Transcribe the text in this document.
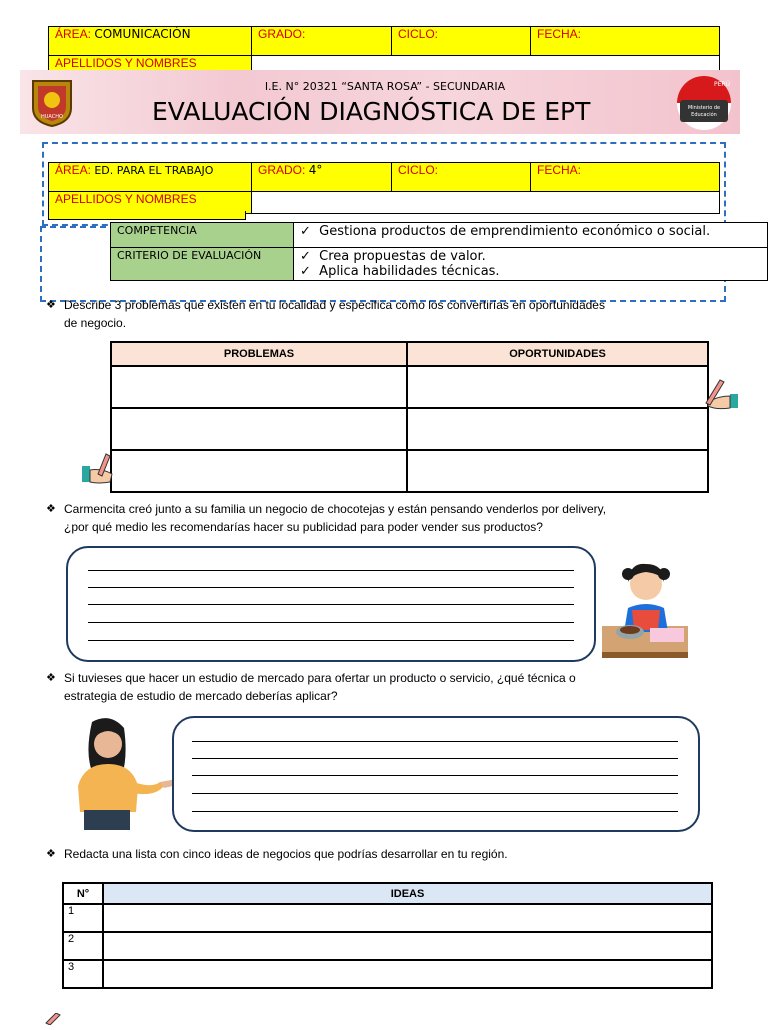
ÁREA: COMUNICACIÓN	GRADO:	CICLO:	FECHA:
APELLIDOS Y NOMBRES			
HUACHO
I.E. N° 20321 “SANTA ROSA” - SECUNDARIA
EVALUACIÓN DIAGNÓSTICA DE EPT
PERÚ
Ministerio de
Educación
ÁREA: ED. PARA EL TRABAJO	GRADO: 4°	CICLO:	FECHA:
APELLIDOS Y NOMBRES			
COMPETENCIA	✓  Gestiona productos de emprendimiento económico o social.
CRITERIO DE EVALUACIÓN	✓  Crea propuestas de valor.
✓  Aplica habilidades técnicas.
❖ Describe 3 problemas que existen en tu localidad y especifica como los convertirías en oportunidades
de negocio.
PROBLEMAS	OPORTUNIDADES

❖ Carmencita creó junto a su familia un negocio de chocotejas y están pensando venderlos por delivery,
¿por qué medio les recomendarías hacer su publicidad para poder vender sus productos?
❖ Si tuvieses que hacer un estudio de mercado para ofertar un producto o servicio, ¿qué técnica o
estrategia de estudio de mercado deberías aplicar?
❖ Redacta una lista con cinco ideas de negocios que podrías desarrollar en tu región.
N°	IDEAS
1	
2	
3	
